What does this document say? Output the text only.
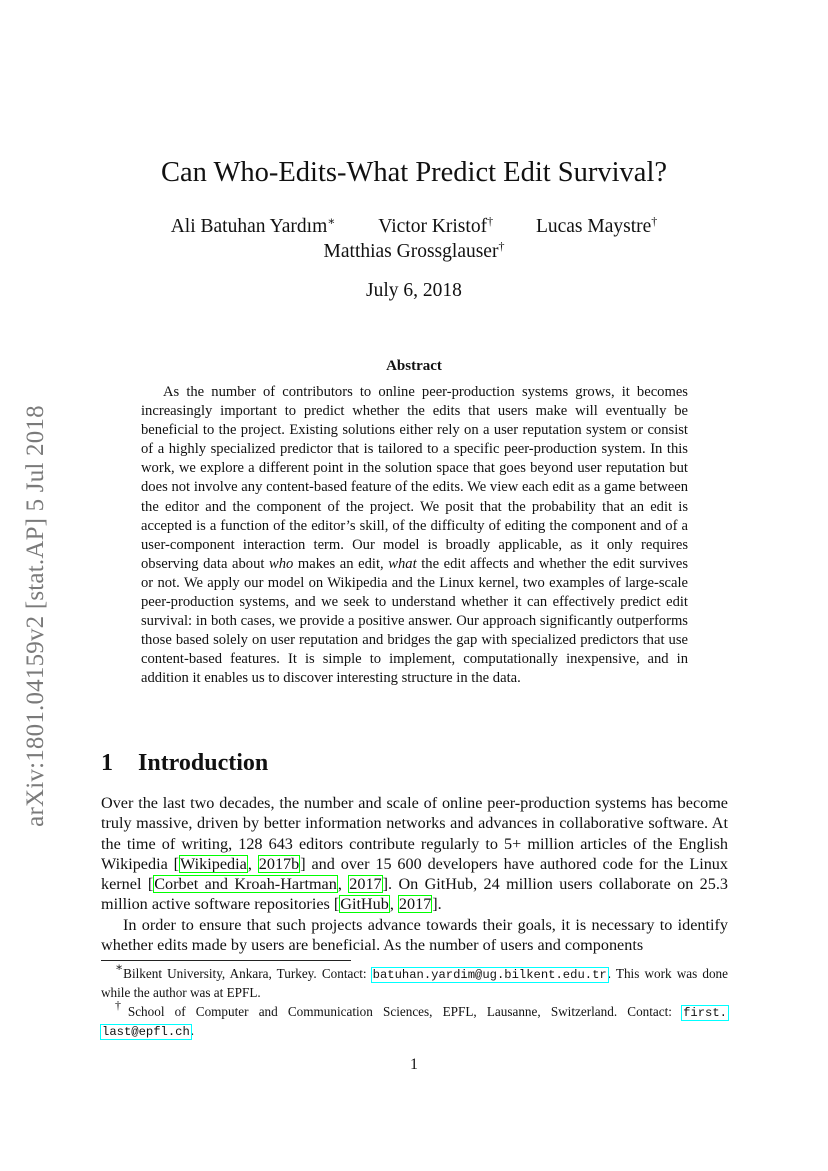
arXiv:1801.04159v2 [stat.AP] 5 Jul 2018
Can Who-Edits-What Predict Edit Survival?
Ali Batuhan Yardım∗ Victor Kristof† Lucas Maystre†
Matthias Grossglauser†
July 6, 2018
Abstract

As the number of contributors to online peer-production systems grows, it becomes increasingly important to predict whether the edits that users make will eventually be beneficial to the project. Existing solutions either rely on a user reputation system or consist of a highly specialized predictor that is tailored to a specific peer-production system. In this work, we explore a different point in the solution space that goes beyond user reputation but does not involve any content-based feature of the edits. We view each edit as a game between the editor and the component of the project. We posit that the probability that an edit is accepted is a function of the editor’s skill, of the difficulty of editing the component and of a user-component interaction term. Our model is broadly applicable, as it only requires observing data about who makes an edit, what the edit affects and whether the edit survives or not. We apply our model on Wikipedia and the Linux kernel, two examples of large-scale peer-production systems, and we seek to understand whether it can effectively predict edit survival: in both cases, we provide a positive answer. Our approach significantly outperforms those based solely on user reputation and bridges the gap with specialized predictors that use content-based features. It is simple to implement, computationally inexpensive, and in addition it enables us to discover interesting structure in the data.

1 Introduction

Over the last two decades, the number and scale of online peer-production systems has become truly massive, driven by better information networks and advances in collaborative software. At the time of writing, 128 643 editors contribute regularly to 5+ million articles of the English Wikipedia [Wikipedia, 2017b] and over 15 600 developers have authored code for the Linux kernel [Corbet and Kroah-Hartman, 2017]. On GitHub, 24 million users collaborate on 25.3 million active software repositories [GitHub, 2017].

In order to ensure that such projects advance towards their goals, it is necessary to identify whether edits made by users are beneficial. As the number of users and components

∗Bilkent University, Ankara, Turkey. Contact: batuhan.yardim@ug.bilkent.edu.tr. This work was done while the author was at EPFL.

†School of Computer and Communication Sciences, EPFL, Lausanne, Switzerland. Contact: first. last@epfl.ch.

1
